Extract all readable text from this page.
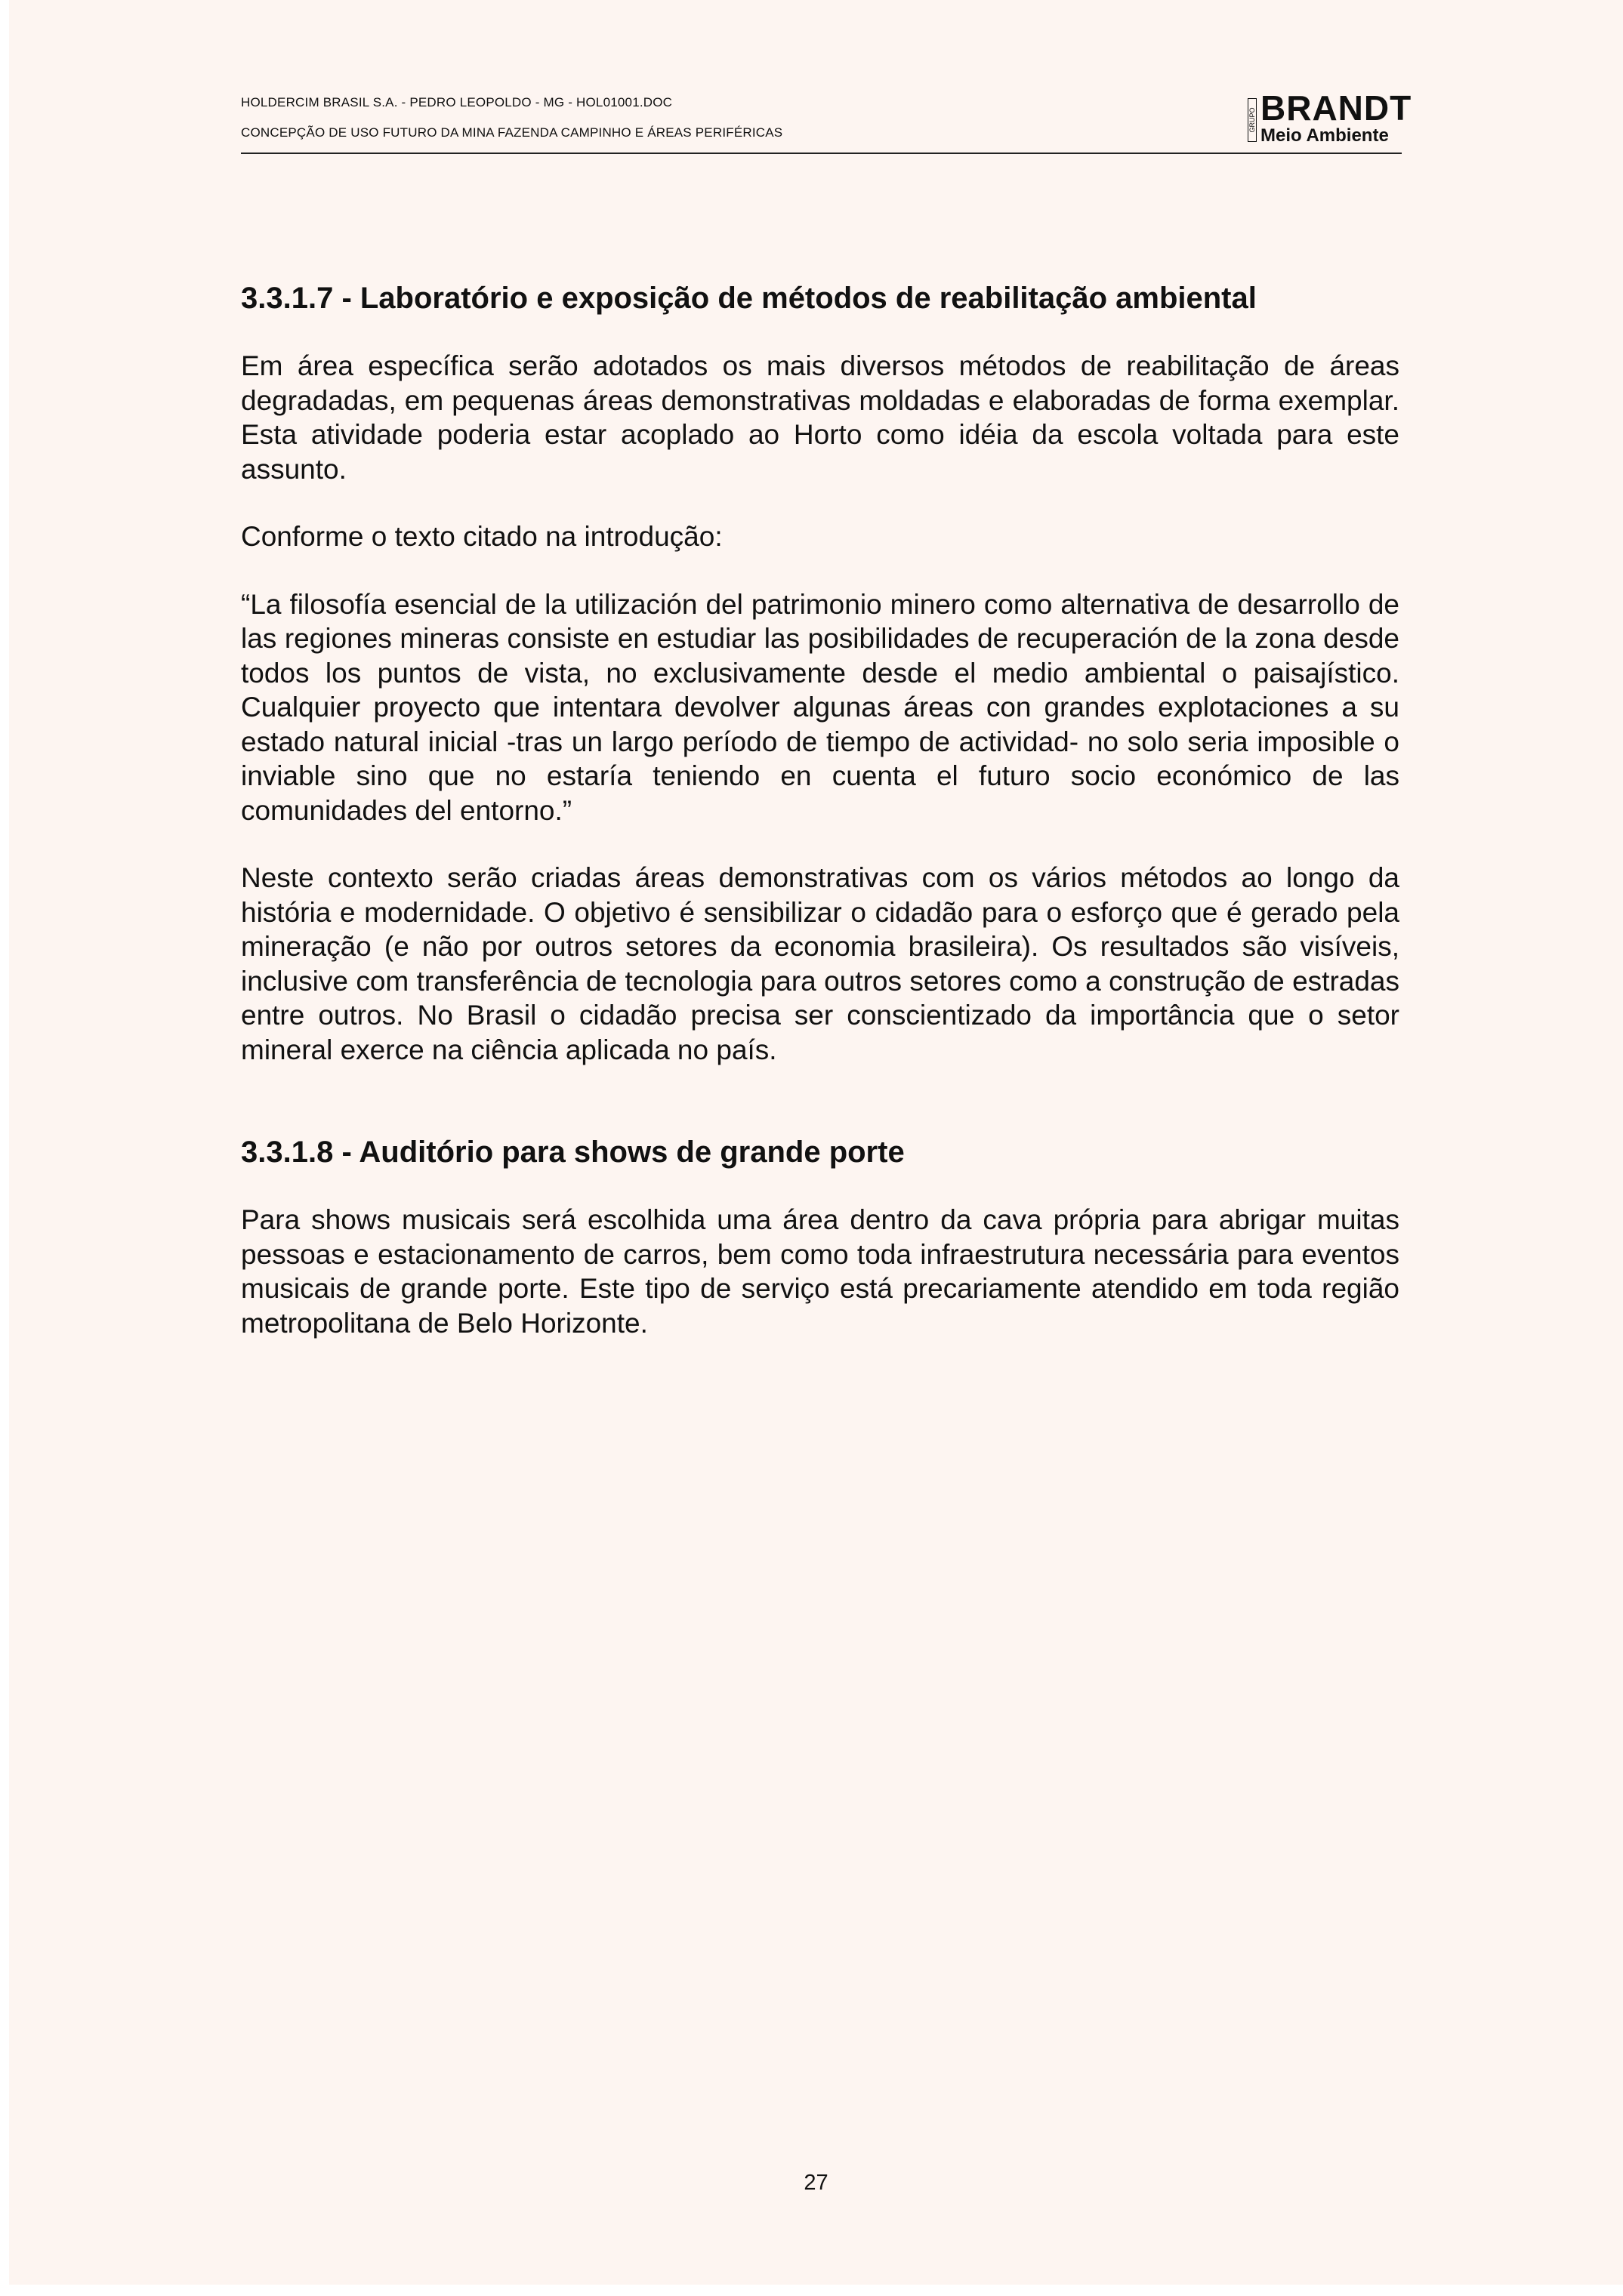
HOLDERCIM BRASIL S.A. - PEDRO LEOPOLDO - MG - HOL01001.DOC
CONCEPÇÃO DE USO FUTURO DA MINA FAZENDA CAMPINHO E ÁREAS PERIFÉRICAS	GRUPO BRANDT
Meio Ambiente
3.3.1.7 - Laboratório e exposição de métodos de reabilitação ambiental

Em área específica serão adotados os mais diversos métodos de reabilitação de áreas degradadas, em pequenas áreas demonstrativas moldadas e elaboradas de forma exemplar. Esta atividade poderia estar acoplado ao Horto como idéia da escola voltada para este assunto.

Conforme o texto citado na introdução:

“La filosofía esencial de la utilización del patrimonio minero como alternativa de desarrollo de las regiones mineras consiste en estudiar las posibilidades de recuperación de la zona desde todos los puntos de vista, no exclusivamente desde el medio ambiental o paisajístico. Cualquier proyecto que intentara devolver algunas áreas con grandes explotaciones a su estado natural inicial -tras un largo período de tiempo de actividad- no solo seria imposible o inviable sino que no estaría teniendo en cuenta el futuro socio económico de las comunidades del entorno.”

Neste contexto serão criadas áreas demonstrativas com os vários métodos ao longo da história e modernidade. O objetivo é sensibilizar o cidadão para o esforço que é gerado pela mineração (e não por outros setores da economia brasileira). Os resultados são visíveis, inclusive com transferência de tecnologia para outros setores como a construção de estradas entre outros. No Brasil o cidadão precisa ser conscientizado da importância que o setor mineral exerce na ciência aplicada no país.

3.3.1.8 - Auditório para shows de grande porte

Para shows musicais será escolhida uma área dentro da cava própria para abrigar muitas pessoas e estacionamento de carros, bem como toda infraestrutura necessária para eventos musicais de grande porte. Este tipo de serviço está precariamente atendido em toda região metropolitana de Belo Horizonte.

27
